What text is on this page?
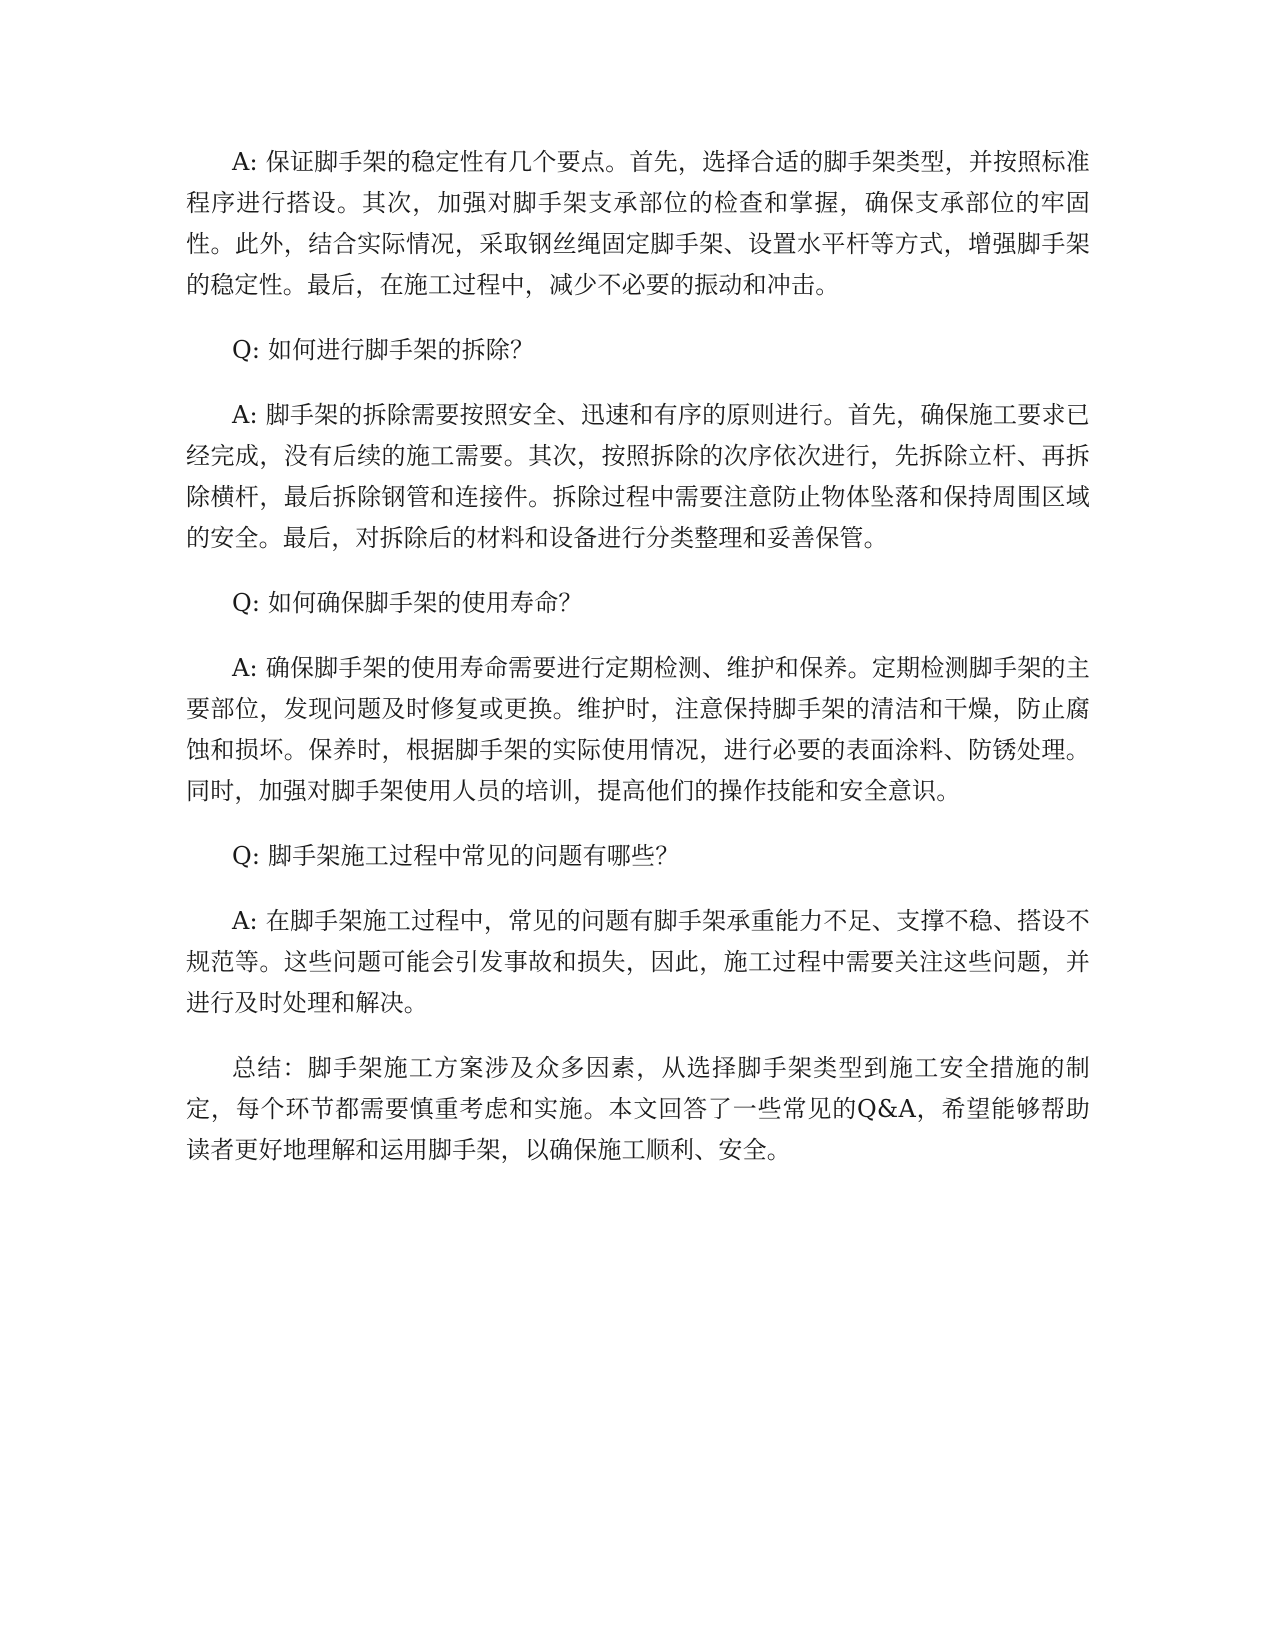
A: 保证脚手架的稳定性有几个要点。首先，选择合适的脚手架类型，并按照标准程序进行搭设。其次，加强对脚手架支承部位的检查和掌握，确保支承部位的牢固性。此外，结合实际情况，采取钢丝绳固定脚手架、设置水平杆等方式，增强脚手架的稳定性。最后，在施工过程中，减少不必要的振动和冲击。

Q: 如何进行脚手架的拆除？

A: 脚手架的拆除需要按照安全、迅速和有序的原则进行。首先，确保施工要求已经完成，没有后续的施工需要。其次，按照拆除的次序依次进行，先拆除立杆、再拆除横杆，最后拆除钢管和连接件。拆除过程中需要注意防止物体坠落和保持周围区域的安全。最后，对拆除后的材料和设备进行分类整理和妥善保管。

Q: 如何确保脚手架的使用寿命？

A: 确保脚手架的使用寿命需要进行定期检测、维护和保养。定期检测脚手架的主要部位，发现问题及时修复或更换。维护时，注意保持脚手架的清洁和干燥，防止腐蚀和损坏。保养时，根据脚手架的实际使用情况，进行必要的表面涂料、防锈处理。同时，加强对脚手架使用人员的培训，提高他们的操作技能和安全意识。

Q: 脚手架施工过程中常见的问题有哪些？

A: 在脚手架施工过程中，常见的问题有脚手架承重能力不足、支撑不稳、搭设不规范等。这些问题可能会引发事故和损失，因此，施工过程中需要关注这些问题，并进行及时处理和解决。

总结：脚手架施工方案涉及众多因素，从选择脚手架类型到施工安全措施的制定，每个环节都需要慎重考虑和实施。本文回答了一些常见的Q&A，希望能够帮助读者更好地理解和运用脚手架，以确保施工顺利、安全。
